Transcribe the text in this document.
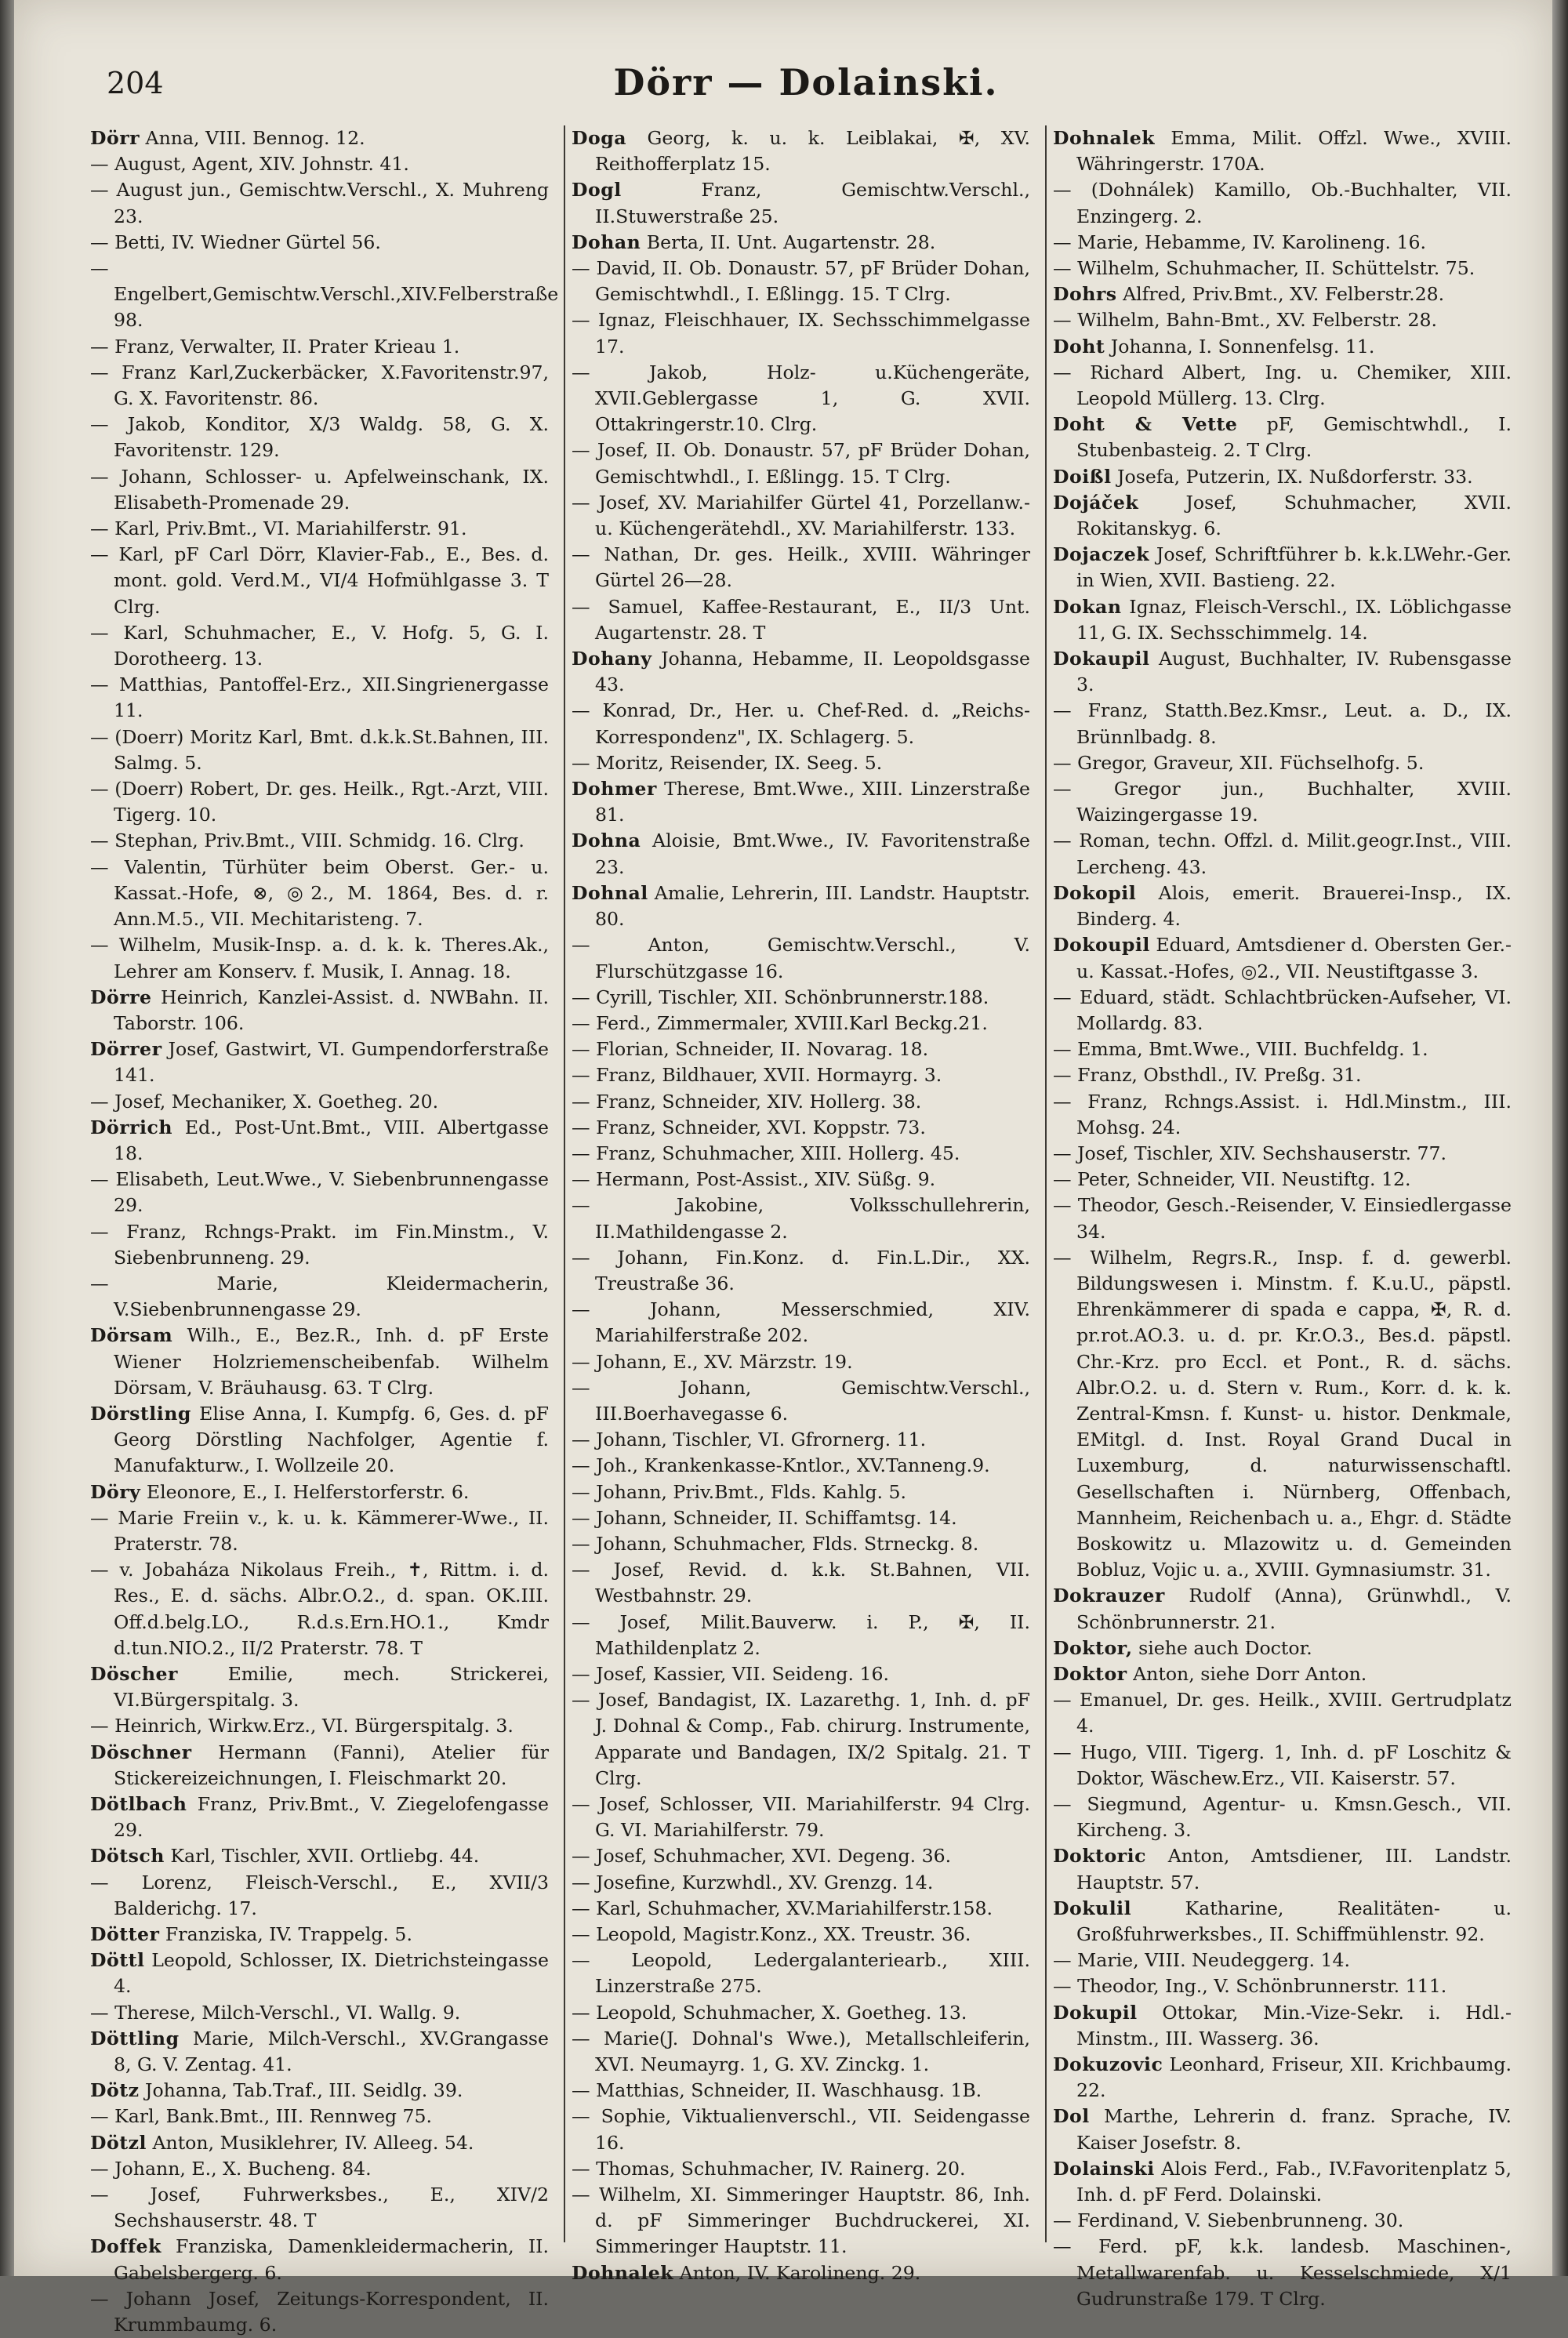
204	Dörr — Dolainski.
Dörr Anna, VIII. Bennog. 12.
— August, Agent, XIV. Johnstr. 41.
— August jun., Gemischtw.Verschl., X. Muhreng 23.
— Betti, IV. Wiedner Gürtel 56.
— Engelbert,Gemischtw.Verschl.,XIV.Felberstraße 98.
— Franz, Verwalter, II. Prater Krieau 1.
— Franz Karl,Zuckerbäcker, X.Favoritenstr.97, G. X. Favoritenstr. 86.
— Jakob, Konditor, X/3 Waldg. 58, G. X. Favoritenstr. 129.
— Johann, Schlosser- u. Apfelweinschank, IX. Elisabeth-Promenade 29.
— Karl, Priv.Bmt., VI. Mariahilferstr. 91.
— Karl, pF Carl Dörr, Klavier-Fab., E., Bes. d. mont. gold. Verd.M., VI/4 Hofmühlgasse 3. T Clrg.
— Karl, Schuhmacher, E., V. Hofg. 5, G. I. Dorotheerg. 13.
— Matthias, Pantoffel-Erz., XII.Singrienergasse 11.
— (Doerr) Moritz Karl, Bmt. d.k.k.St.Bahnen, III. Salmg. 5.
— (Doerr) Robert, Dr. ges. Heilk., Rgt.-Arzt, VIII. Tigerg. 10.
— Stephan, Priv.Bmt., VIII. Schmidg. 16. Clrg.
— Valentin, Türhüter beim Oberst. Ger.- u. Kassat.-Hofe, ⊗, ◎2., M. 1864, Bes. d. r. Ann.M.5., VII. Mechitaristeng. 7.
— Wilhelm, Musik-Insp. a. d. k. k. Theres.Ak., Lehrer am Konserv. f. Musik, I. Annag. 18.
Dörre Heinrich, Kanzlei-Assist. d. NWBahn. II. Taborstr. 106.
Dörrer Josef, Gastwirt, VI. Gumpendorferstraße 141.
— Josef, Mechaniker, X. Goetheg. 20.
Dörrich Ed., Post-Unt.Bmt., VIII. Albertgasse 18.
— Elisabeth, Leut.Wwe., V. Siebenbrunnengasse 29.
— Franz, Rchngs-Prakt. im Fin.Minstm., V. Siebenbrunneng. 29.
— Marie, Kleidermacherin, V.Siebenbrunnengasse 29.
Dörsam Wilh., E., Bez.R., Inh. d. pF Erste Wiener Holzriemenscheibenfab. Wilhelm Dörsam, V. Bräuhausg. 63. T Clrg.
Dörstling Elise Anna, I. Kumpfg. 6, Ges. d. pF Georg Dörstling Nachfolger, Agentie f. Manufakturw., I. Wollzeile 20.
Döry Eleonore, E., I. Helferstorferstr. 6.
— Marie Freiin v., k. u. k. Kämmerer-Wwe., II. Praterstr. 78.
— v. Jobaháza Nikolaus Freih., ✝, Rittm. i. d. Res., E. d. sächs. Albr.O.2., d. span. OK.III. Off.d.belg.LO., R.d.s.Ern.HO.1., Kmdr d.tun.NIO.2., II/2 Praterstr. 78. T
Döscher Emilie, mech. Strickerei, VI.Bürgerspitalg. 3.
— Heinrich, Wirkw.Erz., VI. Bürgerspitalg. 3.
Döschner Hermann (Fanni), Atelier für Stickereizeichnungen, I. Fleischmarkt 20.
Dötlbach Franz, Priv.Bmt., V. Ziegelofengasse 29.
Dötsch Karl, Tischler, XVII. Ortliebg. 44.
— Lorenz, Fleisch-Verschl., E., XVII/3 Balderichg. 17.
Dötter Franziska, IV. Trappelg. 5.
Döttl Leopold, Schlosser, IX. Dietrichsteingasse 4.
— Therese, Milch-Verschl., VI. Wallg. 9.
Döttling Marie, Milch-Verschl., XV.Grangasse 8, G. V. Zentag. 41.
Dötz Johanna, Tab.Traf., III. Seidlg. 39.
— Karl, Bank.Bmt., III. Rennweg 75.
Dötzl Anton, Musiklehrer, IV. Alleeg. 54.
— Johann, E., X. Bucheng. 84.
— Josef, Fuhrwerksbes., E., XIV/2 Sechshauserstr. 48. T
Doffek Franziska, Damenkleidermacherin, II. Gabelsbergerg. 6.
— Johann Josef, Zeitungs-Korrespondent, II. Krummbaumg. 6.
Doga Georg, k. u. k. Leiblakai, ✠, XV. Reithofferplatz 15.
Dogl Franz, Gemischtw.Verschl., II.Stuwerstraße 25.
Dohan Berta, II. Unt. Augartenstr. 28.
— David, II. Ob. Donaustr. 57, pF Brüder Dohan, Gemischtwhdl., I. Eßlingg. 15. T Clrg.
— Ignaz, Fleischhauer, IX. Sechsschimmelgasse 17.
— Jakob, Holz- u.Küchengeräte, XVII.Geblergasse 1, G. XVII. Ottakringerstr.10. Clrg.
— Josef, II. Ob. Donaustr. 57, pF Brüder Dohan, Gemischtwhdl., I. Eßlingg. 15. T Clrg.
— Josef, XV. Mariahilfer Gürtel 41, Porzellanw.- u. Küchengerätehdl., XV. Mariahilferstr. 133.
— Nathan, Dr. ges. Heilk., XVIII. Währinger Gürtel 26—28.
— Samuel, Kaffee-Restaurant, E., II/3 Unt. Augartenstr. 28. T
Dohany Johanna, Hebamme, II. Leopoldsgasse 43.
— Konrad, Dr., Her. u. Chef-Red. d. „Reichs-Korrespondenz", IX. Schlagerg. 5.
— Moritz, Reisender, IX. Seeg. 5.
Dohmer Therese, Bmt.Wwe., XIII. Linzerstraße 81.
Dohna Aloisie, Bmt.Wwe., IV. Favoritenstraße 23.
Dohnal Amalie, Lehrerin, III. Landstr. Hauptstr. 80.
— Anton, Gemischtw.Verschl., V. Flurschützgasse 16.
— Cyrill, Tischler, XII. Schönbrunnerstr.188.
— Ferd., Zimmermaler, XVIII.Karl Beckg.21.
— Florian, Schneider, II. Novarag. 18.
— Franz, Bildhauer, XVII. Hormayrg. 3.
— Franz, Schneider, XIV. Hollerg. 38.
— Franz, Schneider, XVI. Koppstr. 73.
— Franz, Schuhmacher, XIII. Hollerg. 45.
— Hermann, Post-Assist., XIV. Süßg. 9.
— Jakobine, Volksschullehrerin, II.Mathildengasse 2.
— Johann, Fin.Konz. d. Fin.L.Dir., XX. Treustraße 36.
— Johann, Messerschmied, XIV. Mariahilferstraße 202.
— Johann, E., XV. Märzstr. 19.
— Johann, Gemischtw.Verschl., III.Boerhavegasse 6.
— Johann, Tischler, VI. Gfrornerg. 11.
— Joh., Krankenkasse-Kntlor., XV.Tanneng.9.
— Johann, Priv.Bmt., Flds. Kahlg. 5.
— Johann, Schneider, II. Schiffamtsg. 14.
— Johann, Schuhmacher, Flds. Strneckg. 8.
— Josef, Revid. d. k.k. St.Bahnen, VII. Westbahnstr. 29.
— Josef, Milit.Bauverw. i. P., ✠, II. Mathildenplatz 2.
— Josef, Kassier, VII. Seideng. 16.
— Josef, Bandagist, IX. Lazarethg. 1, Inh. d. pF J. Dohnal & Comp., Fab. chirurg. Instrumente, Apparate und Bandagen, IX/2 Spitalg. 21. T Clrg.
— Josef, Schlosser, VII. Mariahilferstr. 94 Clrg. G. VI. Mariahilferstr. 79.
— Josef, Schuhmacher, XVI. Degeng. 36.
— Josefine, Kurzwhdl., XV. Grenzg. 14.
— Karl, Schuhmacher, XV.Mariahilferstr.158.
— Leopold, Magistr.Konz., XX. Treustr. 36.
— Leopold, Ledergalanteriearb., XIII. Linzerstraße 275.
— Leopold, Schuhmacher, X. Goetheg. 13.
— Marie(J. Dohnal's Wwe.), Metallschleiferin, XVI. Neumayrg. 1, G. XV. Zinckg. 1.
— Matthias, Schneider, II. Waschhausg. 1B.
— Sophie, Viktualienverschl., VII. Seidengasse 16.
— Thomas, Schuhmacher, IV. Rainerg. 20.
— Wilhelm, XI. Simmeringer Hauptstr. 86, Inh. d. pF Simmeringer Buchdruckerei, XI. Simmeringer Hauptstr. 11.
Dohnalek Anton, IV. Karolineng. 29.
Dohnalek Emma, Milit. Offzl. Wwe., XVIII. Währingerstr. 170A.
— (Dohnálek) Kamillo, Ob.-Buchhalter, VII. Enzingerg. 2.
— Marie, Hebamme, IV. Karolineng. 16.
— Wilhelm, Schuhmacher, II. Schüttelstr. 75.
Dohrs Alfred, Priv.Bmt., XV. Felberstr.28.
— Wilhelm, Bahn-Bmt., XV. Felberstr. 28.
Doht Johanna, I. Sonnenfelsg. 11.
— Richard Albert, Ing. u. Chemiker, XIII. Leopold Müllerg. 13. Clrg.
Doht & Vette pF, Gemischtwhdl., I. Stubenbasteig. 2. T Clrg.
Doißl Josefa, Putzerin, IX. Nußdorferstr. 33.
Dojáček Josef, Schuhmacher, XVII. Rokitanskyg. 6.
Dojaczek Josef, Schriftführer b. k.k.LWehr.-Ger. in Wien, XVII. Bastieng. 22.
Dokan Ignaz, Fleisch-Verschl., IX. Löblichgasse 11, G. IX. Sechsschimmelg. 14.
Dokaupil August, Buchhalter, IV. Rubensgasse 3.
— Franz, Statth.Bez.Kmsr., Leut. a. D., IX. Brünnlbadg. 8.
— Gregor, Graveur, XII. Füchselhofg. 5.
— Gregor jun., Buchhalter, XVIII. Waizingergasse 19.
— Roman, techn. Offzl. d. Milit.geogr.Inst., VIII. Lercheng. 43.
Dokopil Alois, emerit. Brauerei-Insp., IX. Binderg. 4.
Dokoupil Eduard, Amtsdiener d. Obersten Ger.- u. Kassat.-Hofes, ◎2., VII. Neustiftgasse 3.
— Eduard, städt. Schlachtbrücken-Aufseher, VI. Mollardg. 83.
— Emma, Bmt.Wwe., VIII. Buchfeldg. 1.
— Franz, Obsthdl., IV. Preßg. 31.
— Franz, Rchngs.Assist. i. Hdl.Minstm., III. Mohsg. 24.
— Josef, Tischler, XIV. Sechshauserstr. 77.
— Peter, Schneider, VII. Neustiftg. 12.
— Theodor, Gesch.-Reisender, V. Einsiedlergasse 34.
— Wilhelm, Regrs.R., Insp. f. d. gewerbl. Bildungswesen i. Minstm. f. K.u.U., päpstl. Ehrenkämmerer di spada e cappa, ✠, R. d. pr.rot.AO.3. u. d. pr. Kr.O.3., Bes.d. päpstl. Chr.-Krz. pro Eccl. et Pont., R. d. sächs. Albr.O.2. u. d. Stern v. Rum., Korr. d. k. k. Zentral-Kmsn. f. Kunst- u. histor. Denkmale, EMitgl. d. Inst. Royal Grand Ducal in Luxemburg, d. naturwissenschaftl. Gesellschaften i. Nürnberg, Offenbach, Mannheim, Reichenbach u. a., Ehgr. d. Städte Boskowitz u. Mlazowitz u. d. Gemeinden Bobluz, Vojic u. a., XVIII. Gymnasiumstr. 31.
Dokrauzer Rudolf (Anna), Grünwhdl., V. Schönbrunnerstr. 21.
Doktor, siehe auch Doctor.
Doktor Anton, siehe Dorr Anton.
— Emanuel, Dr. ges. Heilk., XVIII. Gertrudplatz 4.
— Hugo, VIII. Tigerg. 1, Inh. d. pF Loschitz & Doktor, Wäschew.Erz., VII. Kaiserstr. 57.
— Siegmund, Agentur- u. Kmsn.Gesch., VII. Kircheng. 3.
Doktoric Anton, Amtsdiener, III. Landstr. Hauptstr. 57.
Dokulil Katharine, Realitäten- u. Großfuhrwerksbes., II. Schiffmühlenstr. 92.
— Marie, VIII. Neudeggerg. 14.
— Theodor, Ing., V. Schönbrunnerstr. 111.
Dokupil Ottokar, Min.-Vize-Sekr. i. Hdl.-Minstm., III. Wasserg. 36.
Dokuzovic Leonhard, Friseur, XII. Krichbaumg. 22.
Dol Marthe, Lehrerin d. franz. Sprache, IV. Kaiser Josefstr. 8.
Dolainski Alois Ferd., Fab., IV.Favoritenplatz 5, Inh. d. pF Ferd. Dolainski.
— Ferdinand, V. Siebenbrunneng. 30.
— Ferd. pF, k.k. landesb. Maschinen-, Metallwarenfab. u. Kesselschmiede, X/1 Gudrunstraße 179. T Clrg.
